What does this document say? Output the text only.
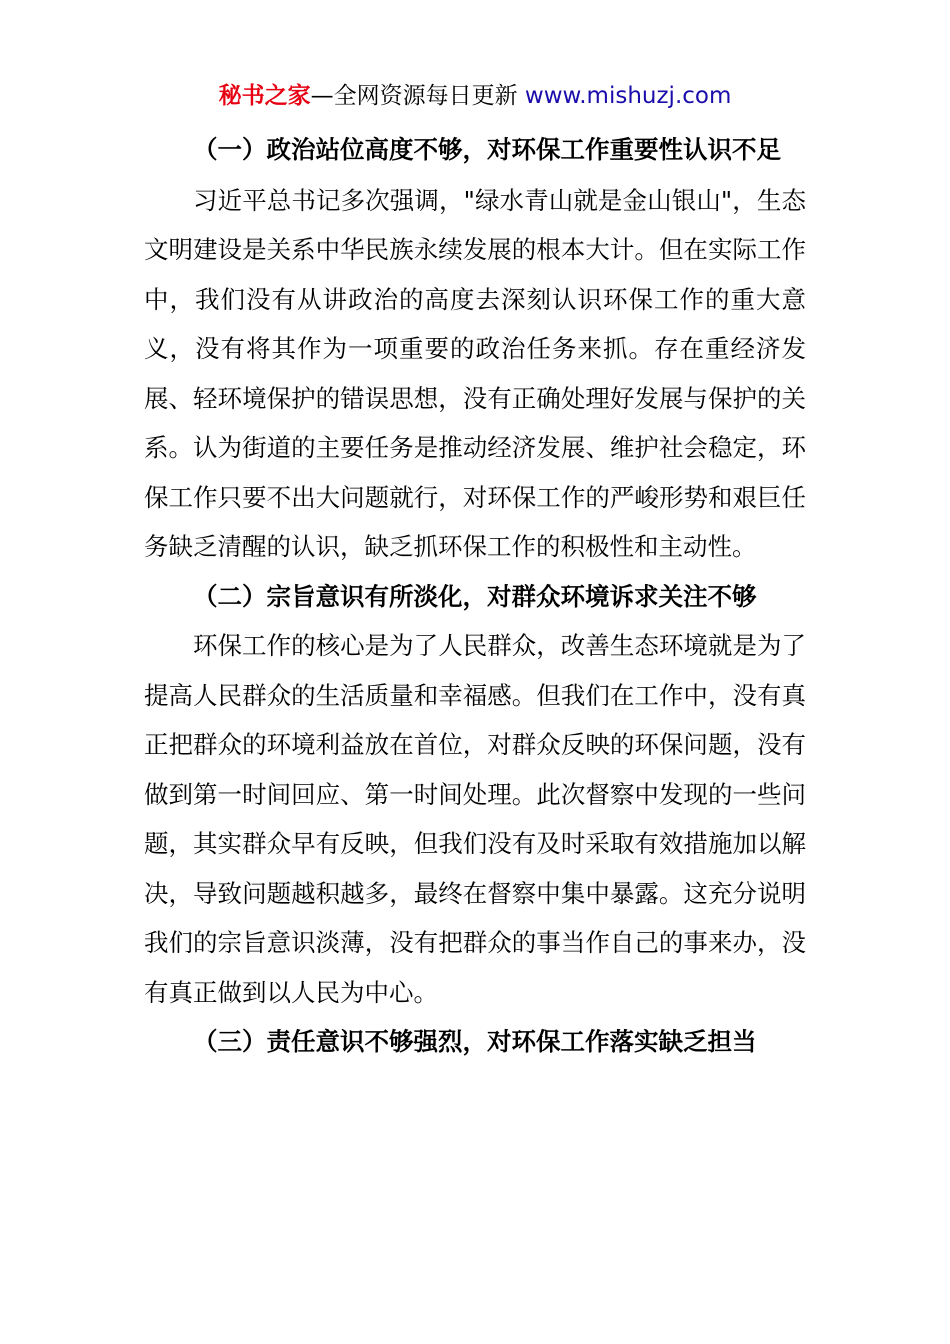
秘书之家—全网资源每日更新 www.mishuzj.com

（一）政治站位高度不够，对环保工作重要性认识不足

习近平总书记多次强调，"绿水青山就是金山银山"，生态文明建设是关系中华民族永续发展的根本大计。但在实际工作中，我们没有从讲政治的高度去深刻认识环保工作的重大意义，没有将其作为一项重要的政治任务来抓。存在重经济发展、轻环境保护的错误思想，没有正确处理好发展与保护的关系。认为街道的主要任务是推动经济发展、维护社会稳定，环保工作只要不出大问题就行，对环保工作的严峻形势和艰巨任务缺乏清醒的认识，缺乏抓环保工作的积极性和主动性。

（二）宗旨意识有所淡化，对群众环境诉求关注不够

环保工作的核心是为了人民群众，改善生态环境就是为了提高人民群众的生活质量和幸福感。但我们在工作中，没有真正把群众的环境利益放在首位，对群众反映的环保问题，没有做到第一时间回应、第一时间处理。此次督察中发现的一些问题，其实群众早有反映，但我们没有及时采取有效措施加以解决，导致问题越积越多，最终在督察中集中暴露。这充分说明我们的宗旨意识淡薄，没有把群众的事当作自己的事来办，没有真正做到以人民为中心。

（三）责任意识不够强烈，对环保工作落实缺乏担当
